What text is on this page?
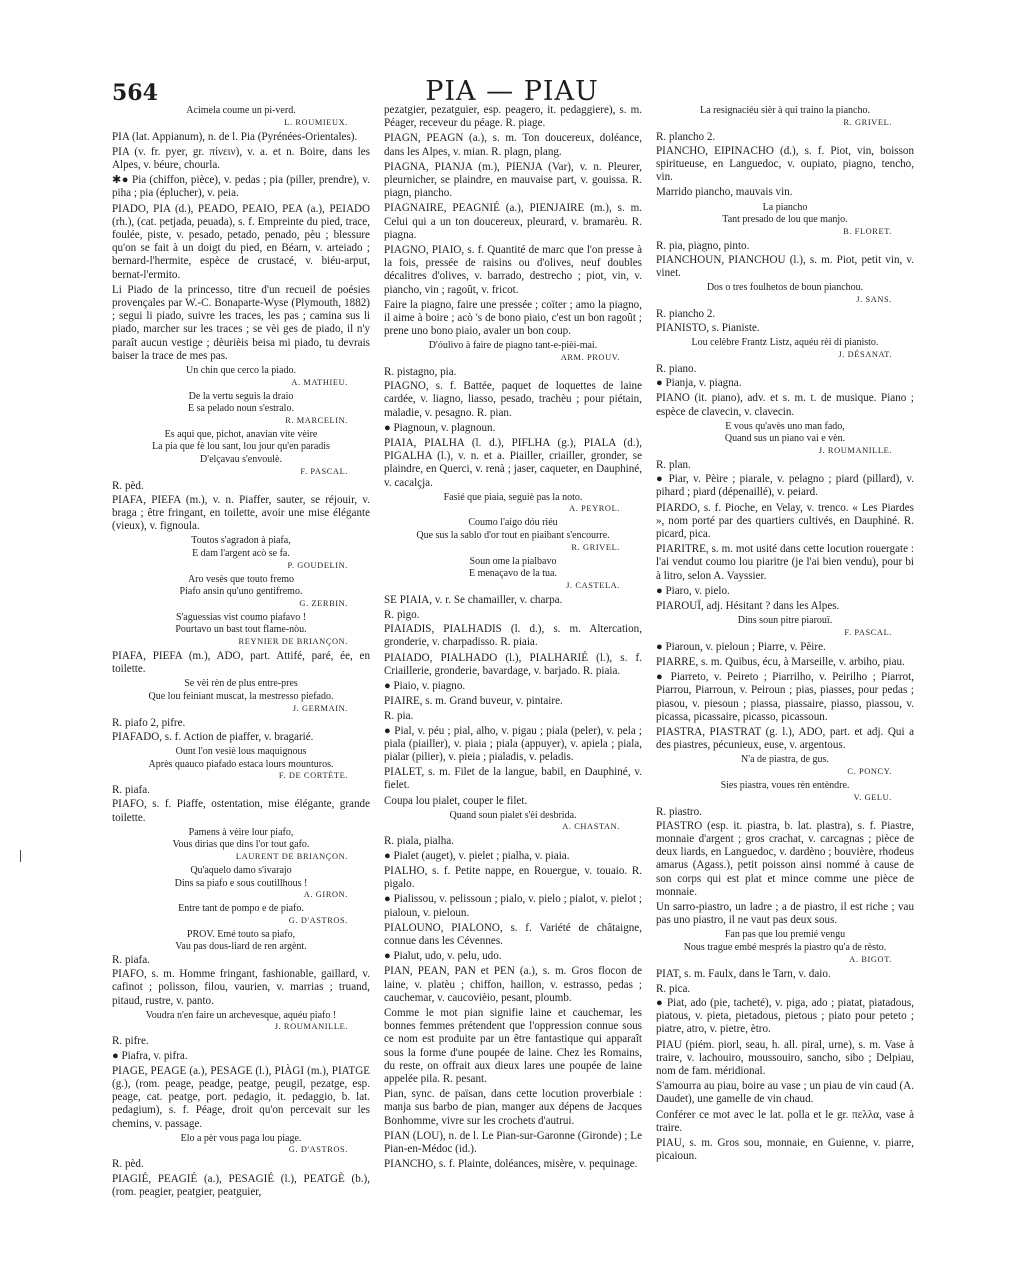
564	PIA — PIAU

Acimela coume un pi-verd.

L. ROUMIEUX.

PIA (lat. Appianum), n. de l. Pia (Pyrénées-Orientales).

PIA (v. fr. pyer, gr. πίνειν), v. a. et n. Boire, dans les Alpes, v. béure, chourla.

✱● Pia (chiffon, pièce), v. pedas ; pia (piller, prendre), v. piha ; pia (éplucher), v. peia.

PIADO, PIA (d.), PEADO, PEAIO, PEA (a.), PEIADO (rh.), (cat. petjada, peuada), s. f. Empreinte du pied, trace, foulée, piste, v. pesado, petado, penado, pèu ; blessure qu'on se fait à un doigt du pied, en Béarn, v. arteiado ; bernard-l'hermite, espèce de crustacé, v. biéu-arput, bernat-l'ermito.

Li Piado de la princesso, titre d'un recueil de poésies provençales par W.-C. Bonaparte-Wyse (Plymouth, 1882) ; segui li piado, suivre les traces, les pas ; camina sus li piado, marcher sur les traces ; se vèi ges de piado, il n'y paraît aucun vestige ; dèurièis beisa mi piado, tu devrais baiser la trace de mes pas.

Un chin que cerco la piado.

A. MATHIEU.

De la vertu seguis la draio

E sa pelado noun s'estralo.

R. MARCELIN.

Es aqui que, pichot, anavian vite vèire

La pia que fè lou sant, lou jour qu'en paradis

D'elçavau s'envoulè.

F. PASCAL.

R. pèd.

PIAFA, PIEFA (m.), v. n. Piaffer, sauter, se réjouir, v. braga ; être fringant, en toilette, avoir une mise élégante (vieux), v. fignoula.

Toutos s'agradon à piafa,

E dam l'argent acò se fa.

P. GOUDELIN.

Aro vesès que touto fremo

Piafo ansin qu'uno gentifremo.

G. ZERBIN.

S'aguessias vist coumo piafavo !

Pourtavo un bast tout flame-nòu.

REYNIER DE BRIANÇON.

PIAFA, PIEFA (m.), ADO, part. Attifé, paré, ée, en toilette.

Se vèi rèn de plus entre-pres

Que lou feiniant muscat, la mestresso piefado.

J. GERMAIN.

R. piafo 2, pifre.

PIAFADO, s. f. Action de piaffer, v. bragarié.

Ount l'on vesiè lous maquignous

Après quauco piafado estaca lours mounturos.

F. DE CORTÈTE.

R. piafa.

PIAFO, s. f. Piaffe, ostentation, mise élégante, grande toilette.

Pamens à vèire lour piafo,

Vous dirias que dins l'or tout gafo.

LAURENT DE BRIANÇON.

Qu'aquelo damo s'ivarajo

Dins sa piafo e sous coutillhous !

A. GIRON.

Entre tant de pompo e de piafo.

G. D'ASTROS.

PROV. Emé touto sa piafo,

Vau pas dous-liard de ren argènt.

R. piafa.

PIAFO, s. m. Homme fringant, fashionable, gaillard, v. cafinot ; polisson, filou, vaurien, v. marrias ; truand, pitaud, rustre, v. panto.

Voudra n'en faire un archevesque, aquéu piafo !

J. ROUMANILLE.

R. pifre.

● Piafra, v. pifra.

PIAGE, PEAGE (a.), PESAGE (l.), PIÀGI (m.), PIATGE (g.), (rom. peage, peadge, peatge, peugil, pezatge, esp. peage, cat. peatge, port. pedagio, it. pedaggio, b. lat. pedagium), s. f. Péage, droit qu'on percevait sur les chemins, v. passage.

Elo a pèr vous paga lou piage.

G. D'ASTROS.

R. pèd.

PIAGIÉ, PEAGIÉ (a.), PESAGIÉ (l.), PEATGÈ (b.), (rom. peagier, peatgier, peatguier,

pezatgier, pezatguier, esp. peagero, it. pedaggiere), s. m. Péager, receveur du péage. R. piage.

PIAGN, PEAGN (a.), s. m. Ton doucereux, doléance, dans les Alpes, v. mian. R. plagn, plang.

PIAGNA, PIANJA (m.), PIENJA (Var), v. n. Pleurer, pleurnicher, se plaindre, en mauvaise part, v. gouissa. R. piagn, piancho.

PIAGNAIRE, PEAGNIÉ (a.), PIENJAIRE (m.), s. m. Celui qui a un ton doucereux, pleurard, v. bramarèu. R. piagna.

PIAGNO, PIAIO, s. f. Quantité de marc que l'on presse à la fois, pressée de raisins ou d'olives, neuf doubles décalitres d'olives, v. barrado, destrecho ; piot, vin, v. piancho, vin ; ragoût, v. fricot.

Faire la piagno, faire une pressée ; coïter ; amo la piagno, il aime à boire ; acò 's de bono piaio, c'est un bon ragoût ; prene uno bono piaio, avaler un bon coup.

D'óulivo à faire de piagno tant-e-pièi-mai.

ARM. PROUV.

R. pistagno, pia.

PIAGNO, s. f. Battée, paquet de loquettes de laine cardée, v. liagno, liasso, pesado, trachèu ; pour piétain, maladie, v. pesagno. R. pian.

● Piagnoun, v. plagnoun.

PIAIA, PIALHA (l. d.), PIFLHA (g.), PIALA (d.), PIGALHA (l.), v. n. et a. Piailler, criailler, gronder, se plaindre, en Querci, v. renà ; jaser, caqueter, en Dauphiné, v. cacalçja.

Fasié que piaia, seguiè pas la noto.

A. PEYROL.

Coumo l'aigo dóu riéu

Que sus la sablo d'or tout en piaibant s'encourre.

R. GRIVEL.

Soun ome la pialbavo

E menaçavo de la tua.

J. CASTELA.

SE PIAIA, v. r. Se chamailler, v. charpa.

R. pigo.

PIAIADIS, PIALHADIS (l. d.), s. m. Altercation, gronderie, v. charpadisso. R. piaia.

PIAIADO, PIALHADO (l.), PIALHARIÉ (l.), s. f. Criaillerie, gronderie, bavardage, v. barjado. R. piaia.

● Piaio, v. piagno.

PIAIRE, s. m. Grand buveur, v. pintaire.

R. pia.

● Pial, v. péu ; pial, alho, v. pigau ; piala (peler), v. pela ; piala (piailler), v. piaia ; piala (appuyer), v. apiela ; piala, pialar (pilier), v. pieia ; pialadis, v. peladis.

PIALET, s. m. Filet de la langue, babil, en Dauphiné, v. fielet.

Coupa lou pialet, couper le filet.

Quand soun pialet s'èi desbrida.

A. CHASTAN.

R. piala, pialha.

● Pialet (auget), v. pielet ; pialha, v. piaia.

PIALHO, s. f. Petite nappe, en Rouergue, v. touaio. R. pigalo.

● Pialissou, v. pelissoun ; pialo, v. pielo ; pialot, v. pielot ; pialoun, v. pieloun.

PIALOUNO, PIALONO, s. f. Variété de châtaigne, connue dans les Cévennes.

● Pialut, udo, v. pelu, udo.

PIAN, PEAN, PAN et PEN (a.), s. m. Gros flocon de laine, v. platèu ; chiffon, haillon, v. estrasso, pedas ; cauchemar, v. caucovièio, pesant, ploumb.

Comme le mot pian signifie laine et cauchemar, les bonnes femmes prétendent que l'oppression connue sous ce nom est produite par un être fantastique qui apparaît sous la forme d'une poupée de laine. Chez les Romains, du reste, on offrait aux dieux lares une poupée de laine appelée pila. R. pesant.

Pian, sync. de païsan, dans cette locution proverbiale : manja sus barbo de pian, manger aux dépens de Jacques Bonhomme, vivre sur les crochets d'autrui.

PIAN (LOU), n. de l. Le Pian-sur-Garonne (Gironde) ; Le Pian-en-Médoc (id.).

PIANCHO, s. f. Plainte, doléances, misère, v. pequinage.

La resignaciéu sièr à qui traino la piancho.

R. GRIVEL.

R. plancho 2.

PIANCHO, EIPINACHO (d.), s. f. Piot, vin, boisson spiritueuse, en Languedoc, v. oupiato, piagno, tencho, vin.

Marrido piancho, mauvais vin.

La piancho

Tant presado de lou que manjo.

B. FLORET.

R. pia, piagno, pinto.

PIANCHOUN, PIANCHOU (l.), s. m. Piot, petit vin, v. vinet.

Dos o tres foulhetos de boun pianchou.

J. SANS.

R. piancho 2.

PIANISTO, s. Pianiste.

Lou celèbre Frantz Listz, aquéu rèi di pianisto.

J. DÉSANAT.

R. piano.

● Pianja, v. piagna.

PIANO (it. piano), adv. et s. m. t. de musique. Piano ; espèce de clavecin, v. clavecin.

E vous qu'avès uno man fado,

Quand sus un piano vai e vèn.

J. ROUMANILLE.

R. plan.

● Piar, v. Pèire ; piarale, v. pelagno ; piard (pillard), v. pihard ; piard (dépenaillé), v. peiard.

PIARDO, s. f. Pioche, en Velay, v. trenco. « Les Piardes », nom porté par des quartiers cultivés, en Dauphiné. R. picard, pica.

PIARITRE, s. m. mot usité dans cette locution rouergate : l'ai vendut coumo lou piaritre (je l'ai bien vendu), pour bi à litro, selon A. Vayssier.

● Piaro, v. pielo.

PIAROUÏ, adj. Hésitant ? dans les Alpes.

Dins soun pitre piarouï.

F. PASCAL.

● Piaroun, v. pieloun ; Piarre, v. Pèire.

PIARRE, s. m. Quibus, écu, à Marseille, v. arbiho, piau.

● Piarreto, v. Peireto ; Piarrilho, v. Peirilho ; Piarrot, Piarrou, Piarroun, v. Peiroun ; pias, piasses, pour pedas ; piasou, v. piesoun ; piassa, piassaire, piasso, piassou, v. picassa, picassaire, picasso, picassoun.

PIASTRA, PIASTRAT (g. l.), ADO, part. et adj. Qui a des piastres, pécunieux, euse, v. argentous.

N'a de piastra, de gus.

C. PONCY.

Sies piastra, voues rèn entèndre.

V. GELU.

R. piastro.

PIASTRO (esp. it. piastra, b. lat. plastra), s. f. Piastre, monnaie d'argent ; gros crachat, v. carcagnas ; pièce de deux liards, en Languedoc, v. dardèno ; bouvière, rhodeus amarus (Agass.), petit poisson ainsi nommé à cause de son corps qui est plat et mince comme une pièce de monnaie.

Un sarro-piastro, un ladre ; a de piastro, il est riche ; vau pas uno piastro, il ne vaut pas deux sous.

Fan pas que lou premié vengu

Nous trague embé mesprés la piastro qu'a de rèsto.

A. BIGOT.

PIAT, s. m. Faulx, dans le Tarn, v. daio.

R. pica.

● Piat, ado (pie, tacheté), v. piga, ado ; piatat, piatadous, piatous, v. pieta, pietadous, pietous ; piato pour peteto ; piatre, atro, v. pietre, ètro.

PIAU (piém. piorl, seau, h. all. piral, urne), s. m. Vase à traire, v. lachouiro, moussouiro, sancho, sibo ; Delpiau, nom de fam. méridional.

S'amourra au piau, boire au vase ; un piau de vin caud (A. Daudet), une gamelle de vin chaud.

Conférer ce mot avec le lat. polla et le gr. πελλα, vase à traire.

PIAU, s. m. Gros sou, monnaie, en Guienne, v. piarre, picaioun.
